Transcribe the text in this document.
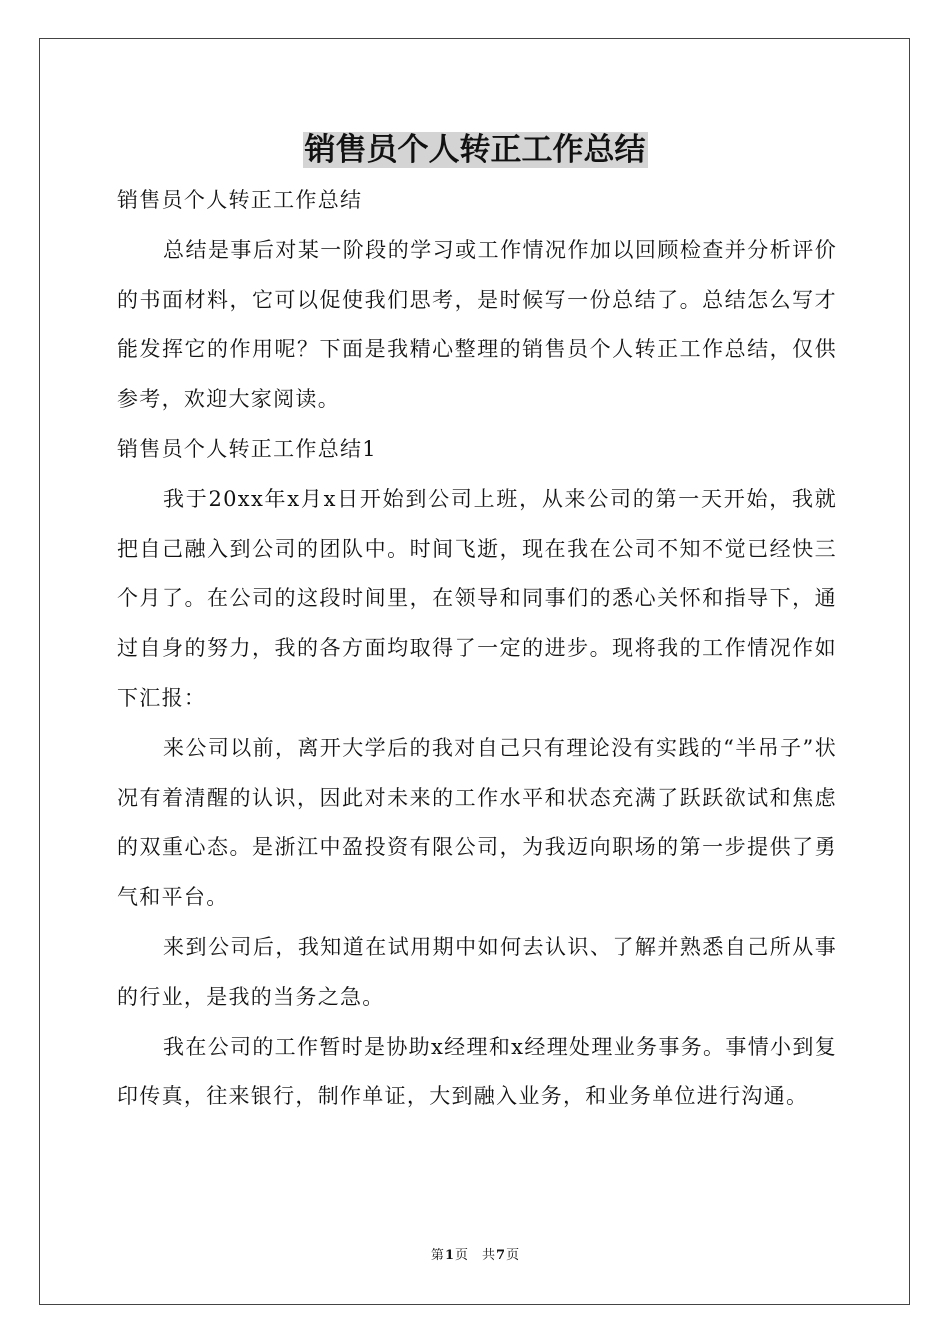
销售员个人转正工作总结

销售员个人转正工作总结

总结是事后对某一阶段的学习或工作情况作加以回顾检查并分析评价的书面材料，它可以促使我们思考，是时候写一份总结了。总结怎么写才能发挥它的作用呢？下面是我精心整理的销售员个人转正工作总结，仅供参考，欢迎大家阅读。

销售员个人转正工作总结1

我于20xx年x月x日开始到公司上班，从来公司的第一天开始，我就把自己融入到公司的团队中。时间飞逝，现在我在公司不知不觉已经快三个月了。在公司的这段时间里，在领导和同事们的悉心关怀和指导下，通过自身的努力，我的各方面均取得了一定的进步。现将我的工作情况作如下汇报：

来公司以前，离开大学后的我对自己只有理论没有实践的“半吊子”状况有着清醒的认识，因此对未来的工作水平和状态充满了跃跃欲试和焦虑的双重心态。是浙江中盈投资有限公司，为我迈向职场的第一步提供了勇气和平台。

来到公司后，我知道在试用期中如何去认识、了解并熟悉自己所从事的行业，是我的当务之急。

我在公司的工作暂时是协助x经理和x经理处理业务事务。事情小到复印传真，往来银行，制作单证，大到融入业务，和业务单位进行沟通。

第1页 共7页
